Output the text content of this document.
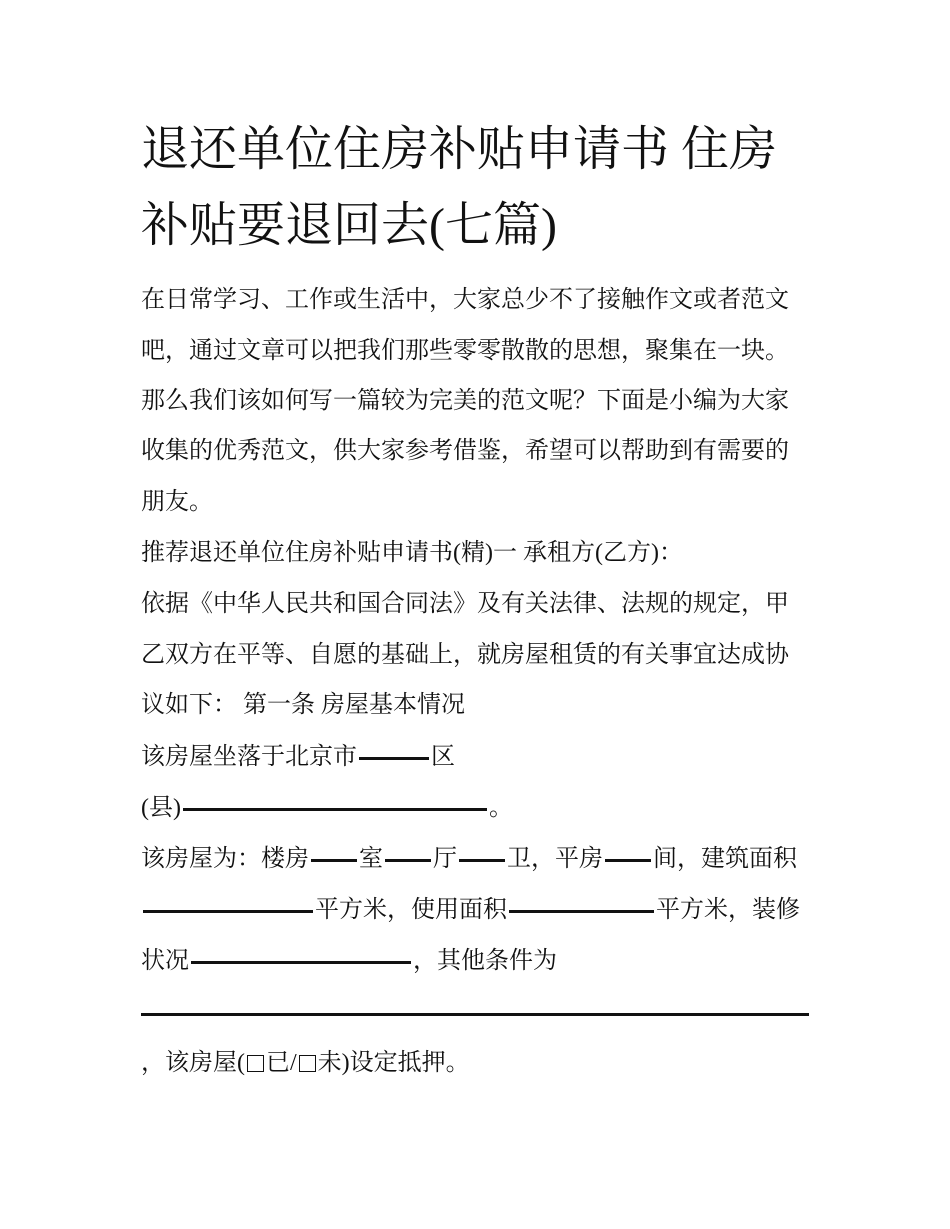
退还单位住房补贴申请书 住房
补贴要退回去(七篇)
在日常学习、工作或生活中，大家总少不了接触作文或者范文
吧，通过文章可以把我们那些零零散散的思想，聚集在一块。
那么我们该如何写一篇较为完美的范文呢？下面是小编为大家
收集的优秀范文，供大家参考借鉴，希望可以帮助到有需要的
朋友。
推荐退还单位住房补贴申请书(精)一 承租方(乙方)：
依据《中华人民共和国合同法》及有关法律、法规的规定，甲
乙双方在平等、自愿的基础上，就房屋租赁的有关事宜达成协
议如下： 第一条 房屋基本情况
该房屋坐落于北京市	区
(县)	。
该房屋为：楼房 室 厅 卫，平房 间，建筑面积
平方米，使用面积	平方米，装修
状况	，其他条件为
，该房屋( 已/ 未)设定抵押。
